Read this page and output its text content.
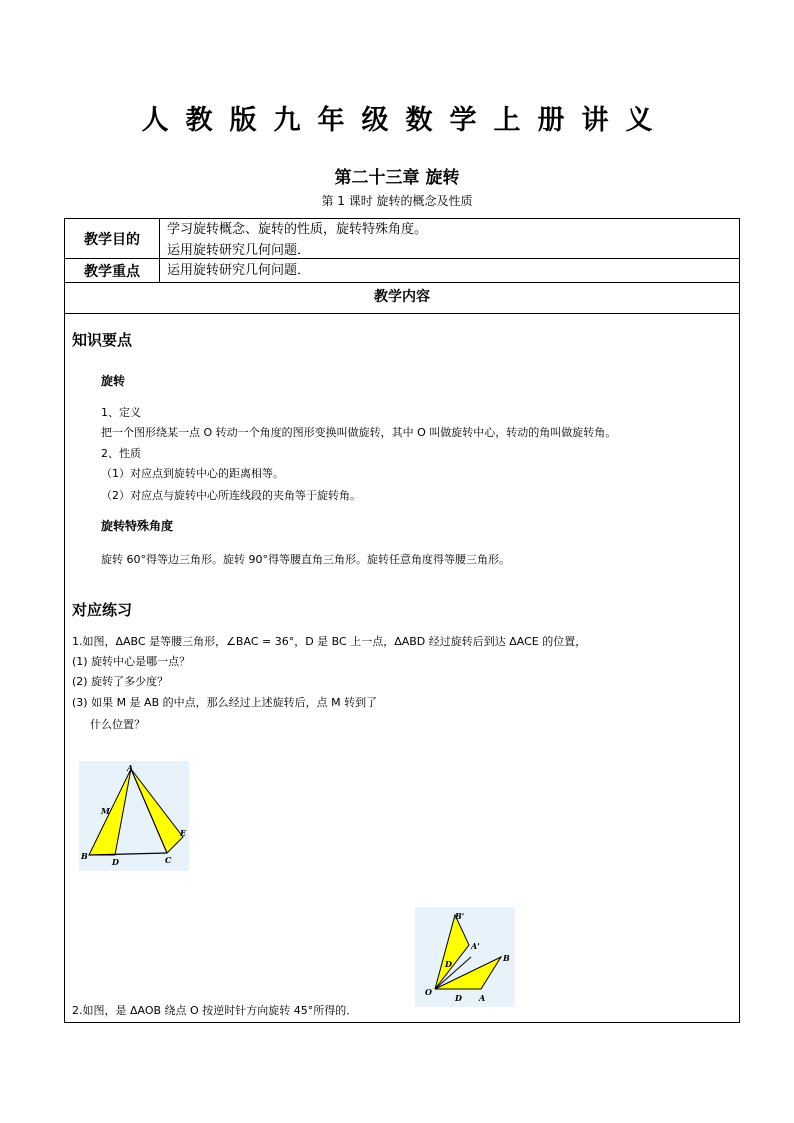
人教版九年级数学上册讲义
第二十三章 旋转
第 1 课时 旋转的概念及性质
教学目的
学习旋转概念、旋转的性质，旋转特殊角度。
运用旋转研究几何问题．
教学重点	运用旋转研究几何问题．
教学内容
知识要点
旋转
1、定义
把一个图形绕某一点 O 转动一个角度的图形变换叫做旋转，其中 O 叫做旋转中心，转动的角叫做旋转角。
2、性质
（1）对应点到旋转中心的距离相等。
（2）对应点与旋转中心所连线段的夹角等于旋转角。
旋转特殊角度
旋转 60°得等边三角形。旋转 90°得等腰直角三角形。旋转任意角度得等腰三角形。
对应练习
1.如图，ΔABC 是等腰三角形，∠BAC = 36°，D 是 BC 上一点，ΔABD 经过旋转后到达 ΔACE 的位置，
(1) 旋转中心是哪一点？
(2) 旋转了多少度？
(3) 如果 M 是 AB 的中点，那么经过上述旋转后，点 M 转到了
什么位置？
A
M
E
B
D	C
B'
A'
D
B
O
D A
2.如图，是 ΔAOB 绕点 O 按逆时针方向旋转 45°所得的．
